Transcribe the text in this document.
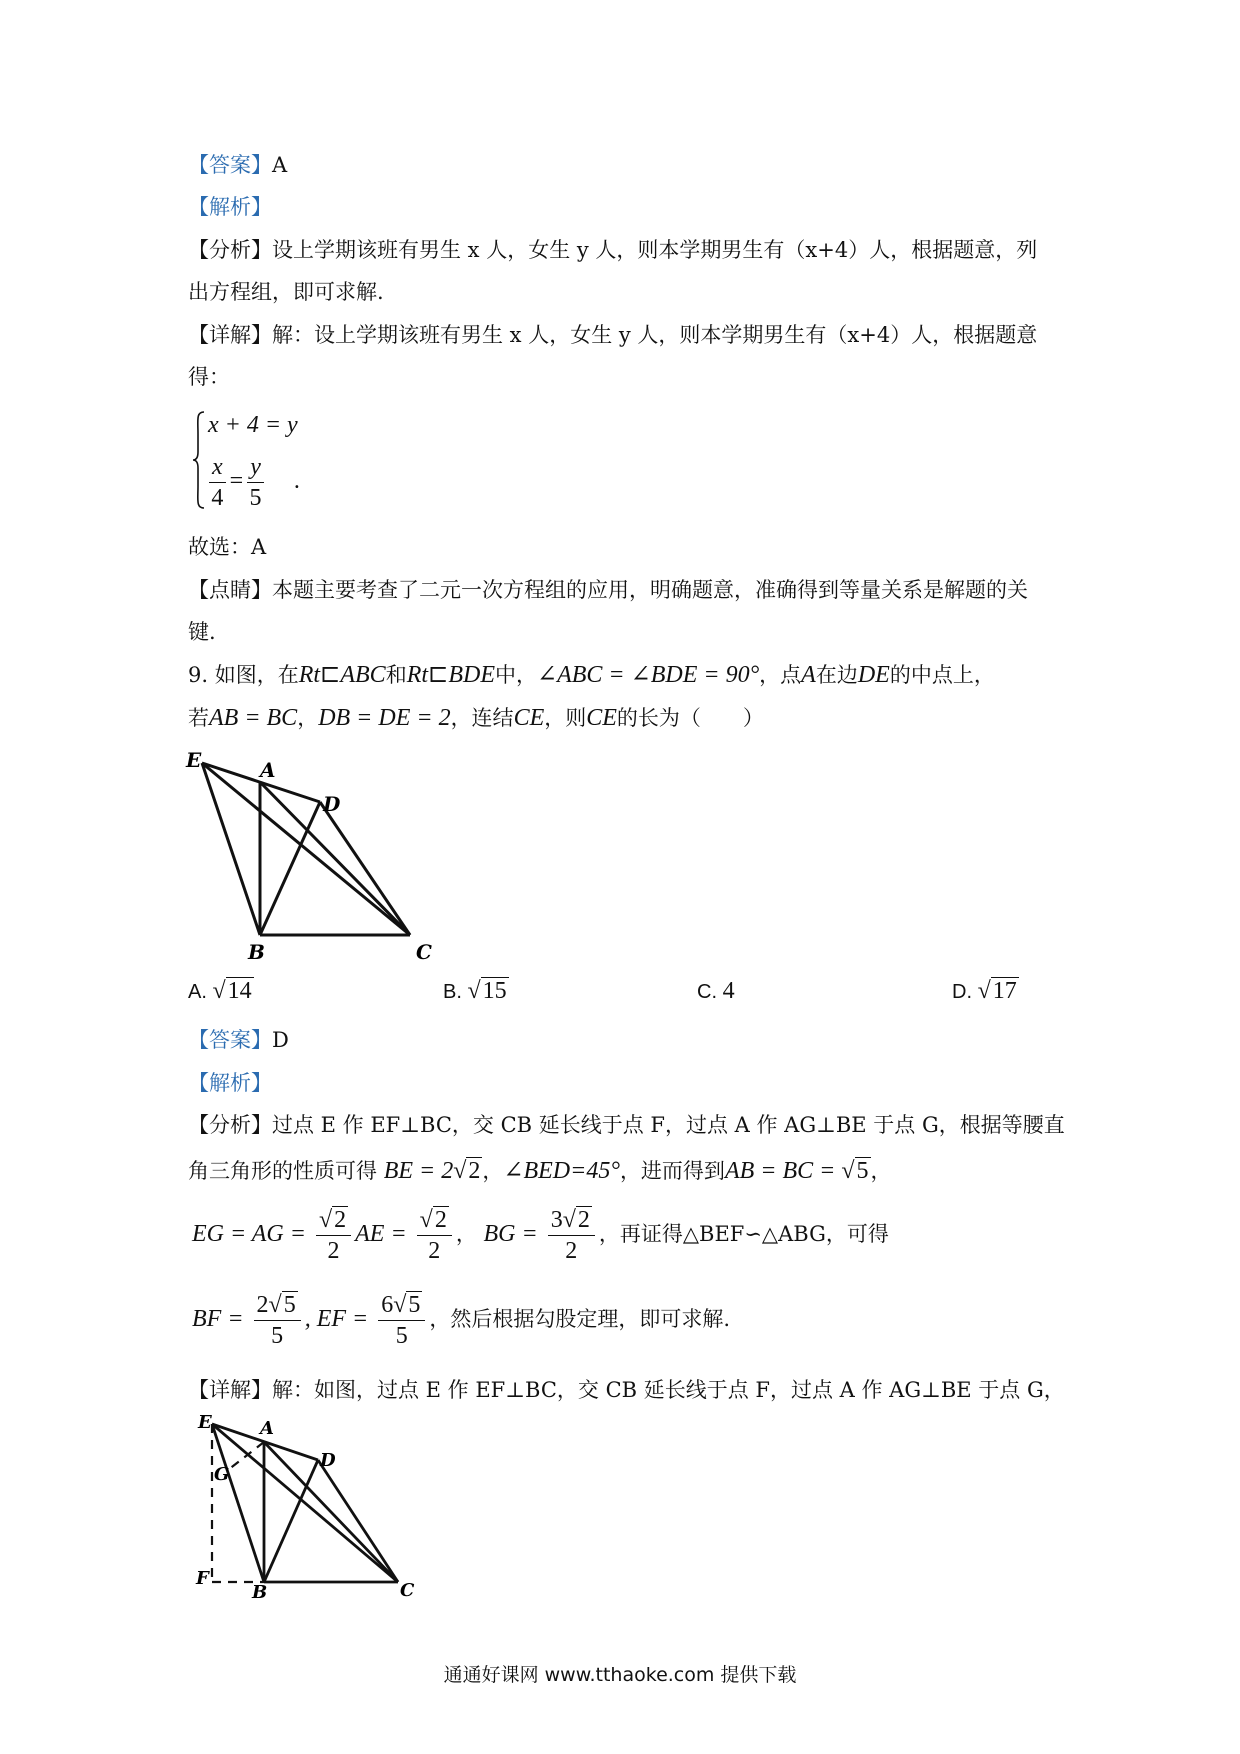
【答案】A
【解析】
【分析】设上学期该班有男生 x 人，女生 y 人，则本学期男生有（x+4）人，根据题意，列
出方程组，即可求解.
【详解】解：设上学期该班有男生 x 人，女生 y 人，则本学期男生有（x+4）人，根据题意
得：
x + 4 = y
$\frac{x}{4} = \frac{y}{5}$ .
故选：A
【点睛】本题主要考查了二元一次方程组的应用，明确题意，准确得到等量关系是解题的关
键.
9. 如图，在Rt⊏ABC和Rt⊏BDE中，∠ABC = ∠BDE = 90°，点A在边DE的中点上，
若AB = BC，DB = DE = 2，连结CE，则CE的长为（　　）
E	A
D
B	C
A. √14	B. √15	C. 4	D. √17
【答案】D
【解析】
【分析】过点 E 作 EF⊥BC，交 CB 延长线于点 F，过点 A 作 AG⊥BE 于点 G，根据等腰直
角三角形的性质可得 BE = 2√2，∠BED=45°，进而得到AB = BC = √5，
EG = AG = $\frac{√2}{2}$ AE = $\frac{√2}{2}$ ， BG = $\frac{3√2}{2}$ ，再证得△BEF∽△ABG，可得
BF = $\frac{2√5}{5}$ , EF = $\frac{6√5}{5}$ ，然后根据勾股定理，即可求解.
【详解】解：如图，过点 E 作 EF⊥BC，交 CB 延长线于点 F，过点 A 作 AG⊥BE 于点 G，
E	A
D
G
F
B	C
通通好课网 www.tthaoke.com 提供下载
